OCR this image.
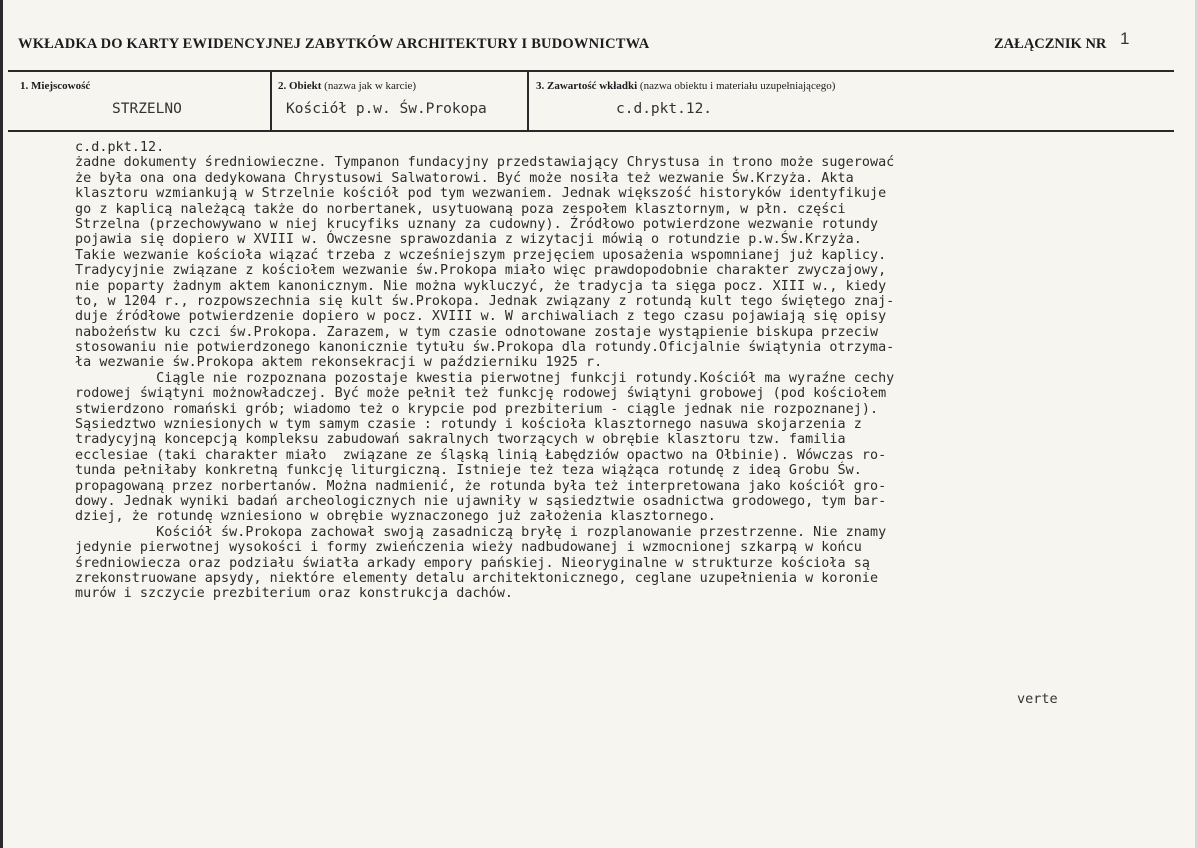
WKŁADKA DO KARTY EWIDENCYJNEJ ZABYTKÓW ARCHITEKTURY I BUDOWNICTWA	ZAŁĄCZNIK NR 1
1. Miejscowość
STRZELNO
2. Obiekt (nazwa jak w karcie)
Kościół p.w. Św.Prokopa
3. Zawartość wkładki (nazwa obiektu i materiału uzupełniającego)
c.d.pkt.12.
c.d.pkt.12.
żadne dokumenty średniowieczne. Tympanon fundacyjny przedstawiający Chrystusa in trono może sugerować
że była ona ona dedykowana Chrystusowi Salwatorowi. Być może nosiła też wezwanie Św.Krzyża. Akta
klasztoru wzmiankują w Strzelnie kościół pod tym wezwaniem. Jednak większość historyków identyfikuje
go z kaplicą należącą także do norbertanek, usytuowaną poza zespołem klasztornym, w płn. części
Strzelna (przechowywano w niej krucyfiks uznany za cudowny). Źródłowo potwierdzone wezwanie rotundy
pojawia się dopiero w XVIII w. Ówczesne sprawozdania z wizytacji mówią o rotundzie p.w.Św.Krzyża.
Takie wezwanie kościoła wiązać trzeba z wcześniejszym przejęciem uposażenia wspomnianej już kaplicy.
Tradycyjnie związane z kościołem wezwanie św.Prokopa miało więc prawdopodobnie charakter zwyczajowy,
nie poparty żadnym aktem kanonicznym. Nie można wykluczyć, że tradycja ta sięga pocz. XIII w., kiedy
to, w 1204 r., rozpowszechnia się kult św.Prokopa. Jednak związany z rotundą kult tego świętego znaj-
duje źródłowe potwierdzenie dopiero w pocz. XVIII w. W archiwaliach z tego czasu pojawiają się opisy
nabożeństw ku czci św.Prokopa. Zarazem, w tym czasie odnotowane zostaje wystąpienie biskupa przeciw
stosowaniu nie potwierdzonego kanonicznie tytułu św.Prokopa dla rotundy.Oficjalnie świątynia otrzyma-
ła wezwanie św.Prokopa aktem rekonsekracji w październiku 1925 r.
Ciągle nie rozpoznana pozostaje kwestia pierwotnej funkcji rotundy.Kościół ma wyraźne cechy
rodowej świątyni możnowładczej. Być może pełnił też funkcję rodowej świątyni grobowej (pod kościołem
stwierdzono romański grób; wiadomo też o krypcie pod prezbiterium - ciągle jednak nie rozpoznanej).
Sąsiedztwo wzniesionych w tym samym czasie : rotundy i kościoła klasztornego nasuwa skojarzenia z
tradycyjną koncepcją kompleksu zabudowań sakralnych tworzących w obrębie klasztoru tzw. familia
ecclesiae (taki charakter miało  związane ze śląską linią Łabędziów opactwo na Ołbinie). Wówczas ro-
tunda pełniłaby konkretną funkcję liturgiczną. Istnieje też teza wiążąca rotundę z ideą Grobu Św.
propagowaną przez norbertanów. Można nadmienić, że rotunda była też interpretowana jako kościół gro-
dowy. Jednak wyniki badań archeologicznych nie ujawniły w sąsiedztwie osadnictwa grodowego, tym bar-
dziej, że rotundę wzniesiono w obrębie wyznaczonego już założenia klasztornego.
Kościół św.Prokopa zachował swoją zasadniczą bryłę i rozplanowanie przestrzenne. Nie znamy
jedynie pierwotnej wysokości i formy zwieńczenia wieży nadbudowanej i wzmocnionej szkarpą w końcu
średniowiecza oraz podziału światła arkady empory pańskiej. Nieoryginalne w strukturze kościoła są
zrekonstruowane apsydy, niektóre elementy detalu architektonicznego, ceglane uzupełnienia w koronie
murów i szczycie prezbiterium oraz konstrukcja dachów.
verte
